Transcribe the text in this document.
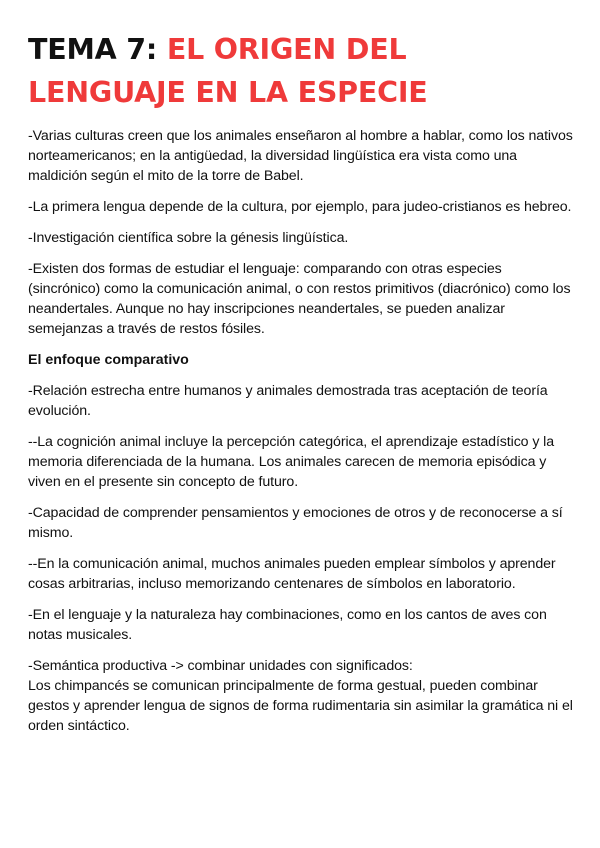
TEMA 7: EL ORIGEN DEL
LENGUAJE EN LA ESPECIE

-Varias culturas creen que los animales enseñaron al hombre a hablar, como los nativos norteamericanos; en la antigüedad, la diversidad lingüística era vista como una maldición según el mito de la torre de Babel.

-La primera lengua depende de la cultura, por ejemplo, para judeo-cristianos es hebreo.

-Investigación científica sobre la génesis lingüística.

-Existen dos formas de estudiar el lenguaje: comparando con otras especies (sincrónico) como la comunicación animal, o con restos primitivos (diacrónico) como los neandertales. Aunque no hay inscripciones neandertales, se pueden analizar semejanzas a través de restos fósiles.

El enfoque comparativo

-Relación estrecha entre humanos y animales demostrada tras aceptación de teoría evolución.

--La cognición animal incluye la percepción categórica, el aprendizaje estadístico y la memoria diferenciada de la humana. Los animales carecen de memoria episódica y viven en el presente sin concepto de futuro.

-Capacidad de comprender pensamientos y emociones de otros y de reconocerse a sí mismo.

--En la comunicación animal, muchos animales pueden emplear símbolos y aprender cosas arbitrarias, incluso memorizando centenares de símbolos en laboratorio.

-En el lenguaje y la naturaleza hay combinaciones, como en los cantos de aves con notas musicales.

-Semántica productiva -> combinar unidades con significados:
Los chimpancés se comunican principalmente de forma gestual, pueden combinar gestos y aprender lengua de signos de forma rudimentaria sin asimilar la gramática ni el orden sintáctico.
